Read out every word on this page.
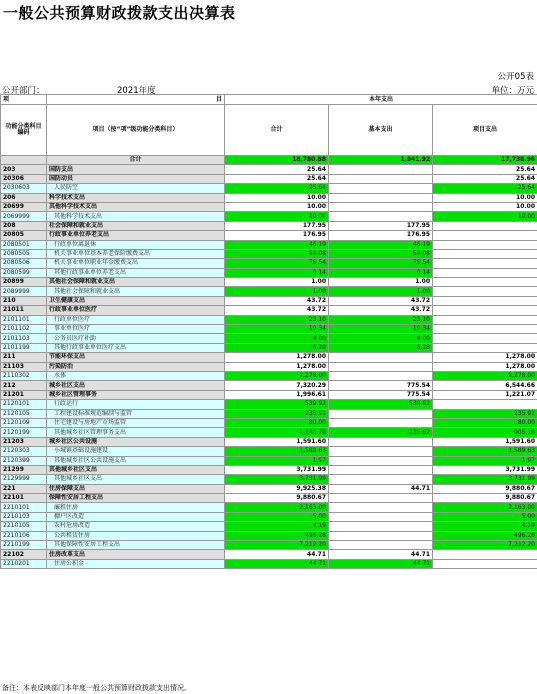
一般公共预算财政拨款支出决算表
公开05表
公开部门：	2021年度	单位：万元
项	目	本年支出		
功能分类科目编码	项目（按“项”级功能分类科目）	合计	基本支出	项目支出
	合计	18,780.88	1,041.92	17,738.96
203	国防支出	25.64		25.64
20306	国防动员	25.64		25.64
2030603	人民防空	25.64		25.64
206	科学技术支出	10.00		10.00
20699	其他科学技术支出	10.00		10.00
2069999	其他科学技术支出	10.00		10.00
208	社会保障和就业支出	177.95	177.95	
20805	行政事业单位养老支出	176.95	176.95	
2080501	行政单位离退休	46.19	46.19	
2080505	机关事业单位基本养老保险缴费支出	54.08	54.08	
2080506	机关事业单位职业年金缴费支出	76.54	76.54	
2080599	其他行政事业单位养老支出	0.14	0.14	
20899	其他社会保障和就业支出	1.00	1.00	
2089999	其他社会保障和就业支出	1.00	1.00	
210	卫生健康支出	43.72	43.72	
21011	行政事业单位医疗	43.72	43.72	
2101101	行政单位医疗	23.10	23.10	
2101102	事业单位医疗	10.34	10.34	
2101103	公务员医疗补助	4.00	4.00	
2101199	其他行政事业单位医疗支出	6.28	6.28	
211	节能环保支出	1,278.00		1,278.00
21103	污染防治	1,278.00		1,278.00
2110302	水体	1,278.00		1,278.00
212	城乡社区支出	7,320.29	775.54	6,544.66
21201	城乡社区管理事务	1,996.61	775.54	1,221.07
2120101	行政运行	539.92	539.92	
2120105	工程建设标准规范编制与监管	235.91		235.91
2120109	住宅建设与房地产市场监管	80.00		80.00
2120199	其他城乡社区管理事务支出	1,140.78	235.62	905.16
21203	城乡社区公共设施	1,591.60		1,591.60
2120303	小城镇基础设施建设	1,589.63		1,589.63
2120399	其他城乡社区公共设施支出	1.97		1.97
21299	其他城乡社区支出	3,731.99		3,731.99
2129999	其他城乡社区支出	3,731.99		3,731.99
221	住房保障支出	9,925.38	44.71	9,880.67
22101	保障性安居工程支出	9,880.67		9,880.67
2210101	廉租住房	2,163.00		2,163.00
2210103	棚户区改造	5.00		5.00
2210105	农村危房改造	4.19		4.19
2210106	公共租赁住房	496.28		496.28
2210199	其他保障性安居工程支出	7,212.20		7,212.20
22102	住房改革支出	44.71	44.71	
2210201	住房公积金	44.71	44.71	
备注：本表反映部门本年度一般公共预算财政拨款支出情况。
